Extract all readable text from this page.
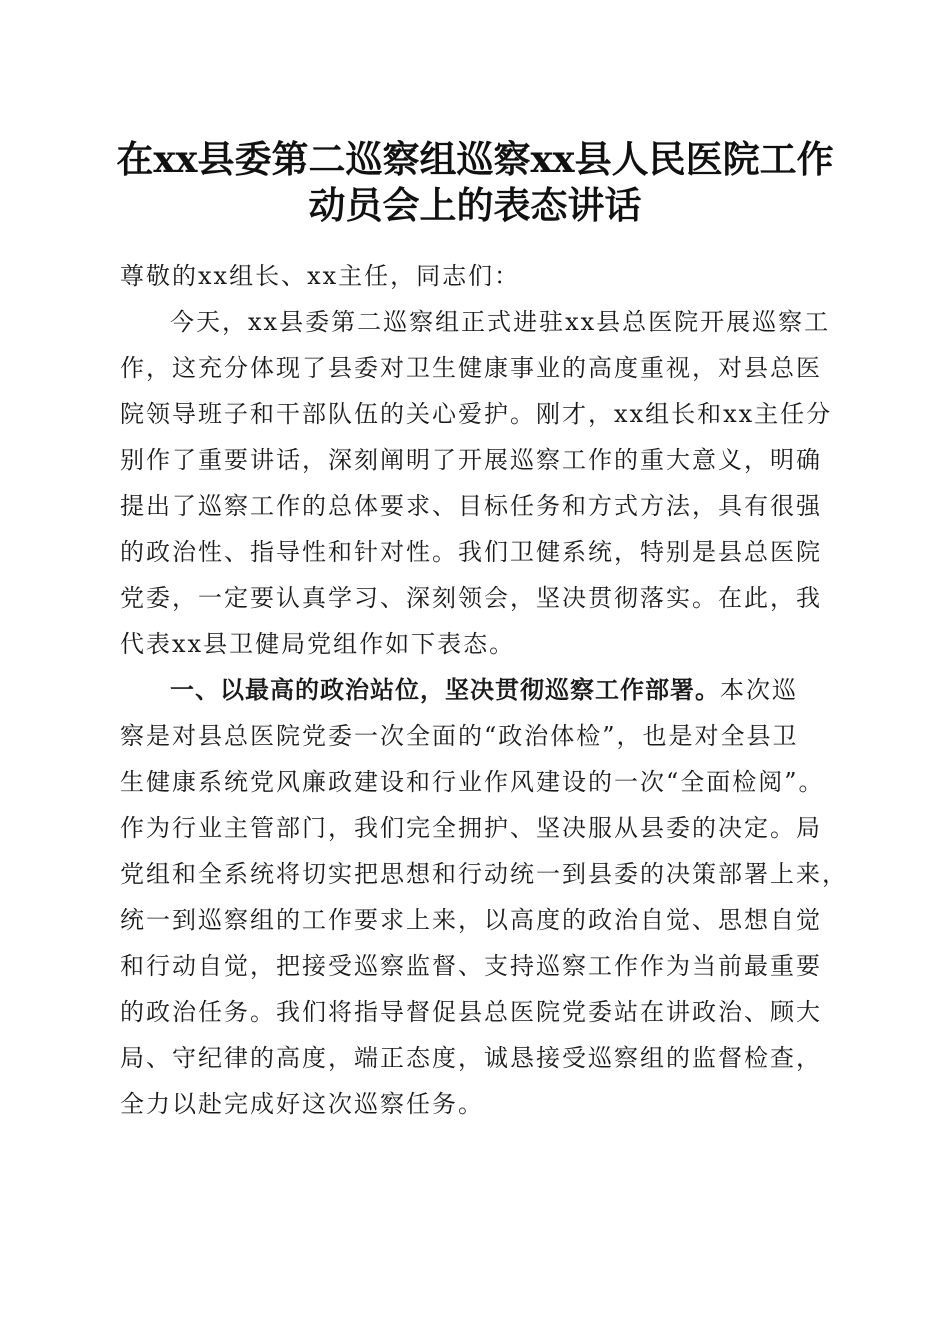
在xx县委第二巡察组巡察xx县人民医院工作
动员会上的表态讲话
尊敬的xx组长、xx主任，同志们：
今天，xx县委第二巡察组正式进驻xx县总医院开展巡察工
作，这充分体现了县委对卫生健康事业的高度重视，对县总医
院领导班子和干部队伍的关心爱护。刚才，xx组长和xx主任分
别作了重要讲话，深刻阐明了开展巡察工作的重大意义，明确
提出了巡察工作的总体要求、目标任务和方式方法，具有很强
的政治性、指导性和针对性。我们卫健系统，特别是县总医院
党委，一定要认真学习、深刻领会，坚决贯彻落实。在此，我
代表xx县卫健局党组作如下表态。
一、以最高的政治站位，坚决贯彻巡察工作部署。本次巡
察是对县总医院党委一次全面的“政治体检”，也是对全县卫
生健康系统党风廉政建设和行业作风建设的一次“全面检阅”。
作为行业主管部门，我们完全拥护、坚决服从县委的决定。局
党组和全系统将切实把思想和行动统一到县委的决策部署上来，
统一到巡察组的工作要求上来，以高度的政治自觉、思想自觉
和行动自觉，把接受巡察监督、支持巡察工作作为当前最重要
的政治任务。我们将指导督促县总医院党委站在讲政治、顾大
局、守纪律的高度，端正态度，诚恳接受巡察组的监督检查，
全力以赴完成好这次巡察任务。
